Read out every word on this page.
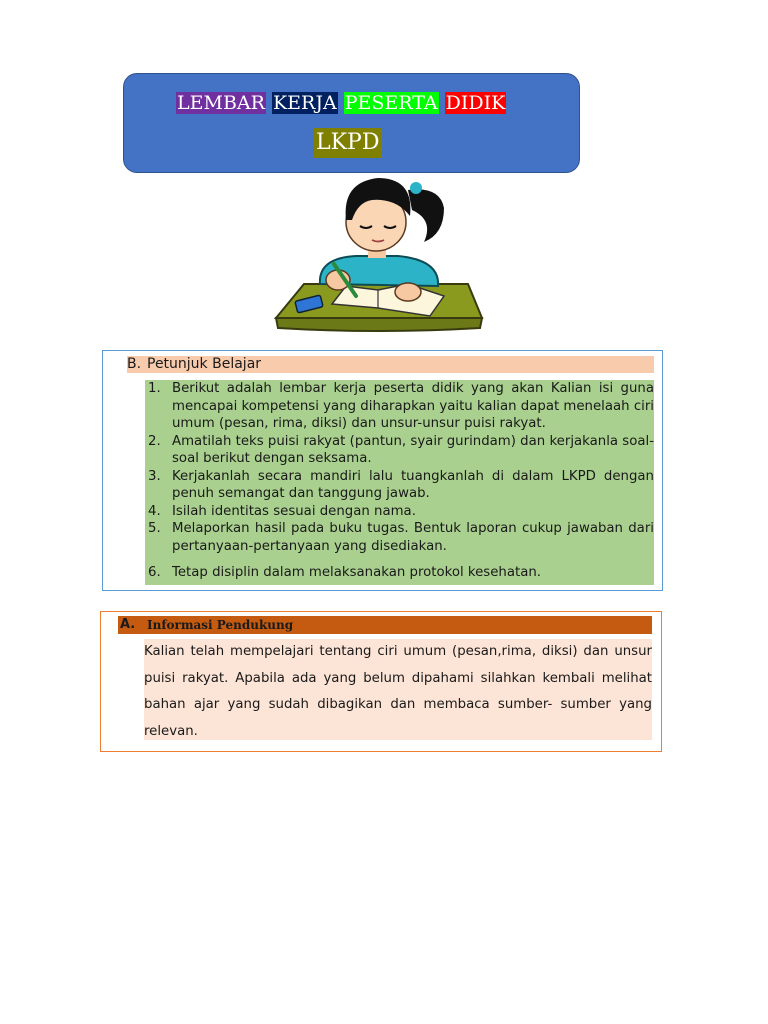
LEMBAR KERJA PESERTA DIDIK
LKPD
B. Petunjuk Belajar
1. Berikut adalah lembar kerja peserta didik yang akan Kalian isi guna mencapai kompetensi yang diharapkan yaitu kalian dapat menelaah ciri umum (pesan, rima, diksi) dan unsur-unsur puisi rakyat.
2. Amatilah teks puisi rakyat (pantun, syair gurindam) dan kerjakanla soal- soal berikut dengan seksama.
3. Kerjakanlah secara mandiri lalu tuangkanlah di dalam LKPD dengan penuh semangat dan tanggung jawab.
4. Isilah identitas sesuai dengan nama.
5. Melaporkan hasil pada buku tugas. Bentuk laporan cukup jawaban dari pertanyaan-pertanyaan yang disediakan.
6. Tetap disiplin dalam melaksanakan protokol kesehatan.
A. Informasi Pendukung

Kalian telah mempelajari tentang ciri umum (pesan,rima, diksi) dan unsur puisi rakyat. Apabila ada yang belum dipahami silahkan kembali melihat bahan ajar yang sudah dibagikan dan membaca sumber- sumber yang relevan.
